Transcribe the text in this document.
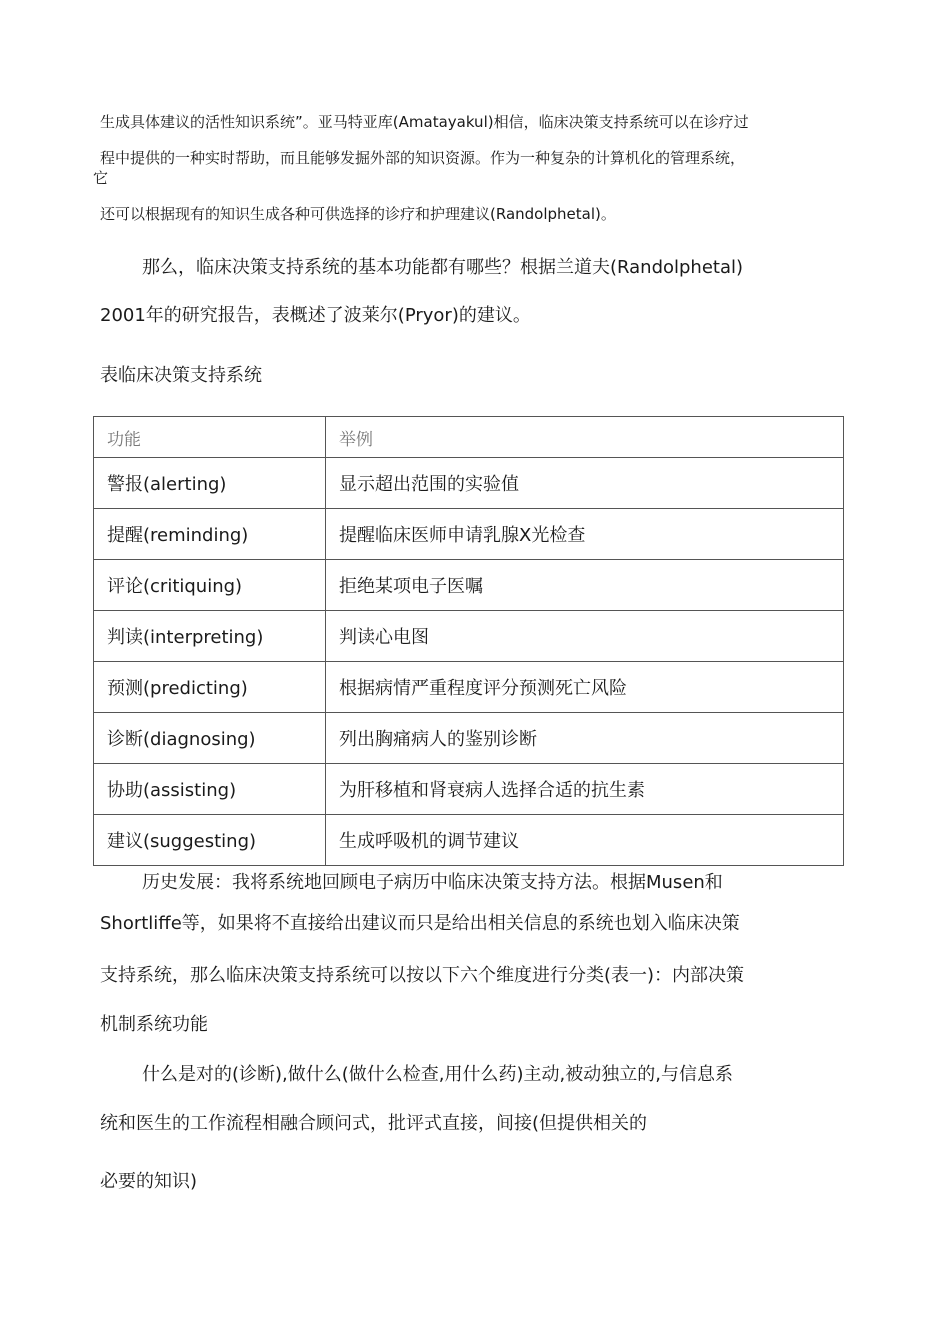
生成具体建议的活性知识系统”。亚马特亚库(Amatayakul)相信，临床决策支持系统可以在诊疗过
程中提供的一种实时帮助，而且能够发掘外部的知识资源。作为一种复杂的计算机化的管理系统，
它
还可以根据现有的知识生成各种可供选择的诊疗和护理建议(Randolphetal)。
那么，临床决策支持系统的基本功能都有哪些？根据兰道夫(Randolphetal)
2001年的研究报告，表概述了波莱尔(Pryor)的建议。
表临床决策支持系统
功能	举例
警报(alerting)	显示超出范围的实验值
提醒(reminding)	提醒临床医师申请乳腺X光检查
评论(critiquing)	拒绝某项电子医嘱
判读(interpreting)	判读心电图
预测(predicting)	根据病情严重程度评分预测死亡风险
诊断(diagnosing)	列出胸痛病人的鉴别诊断
协助(assisting)	为肝移植和肾衰病人选择合适的抗生素
建议(suggesting)	生成呼吸机的调节建议
历史发展：我将系统地回顾电子病历中临床决策支持方法。根据Musen和
Shortliffe等，如果将不直接给出建议而只是给出相关信息的系统也划入临床决策
支持系统，那么临床决策支持系统可以按以下六个维度进行分类(表一)：内部决策
机制系统功能
什么是对的(诊断),做什么(做什么检查,用什么药)主动,被动独立的,与信息系
统和医生的工作流程相融合顾问式，批评式直接，间接(但提供相关的
必要的知识)
